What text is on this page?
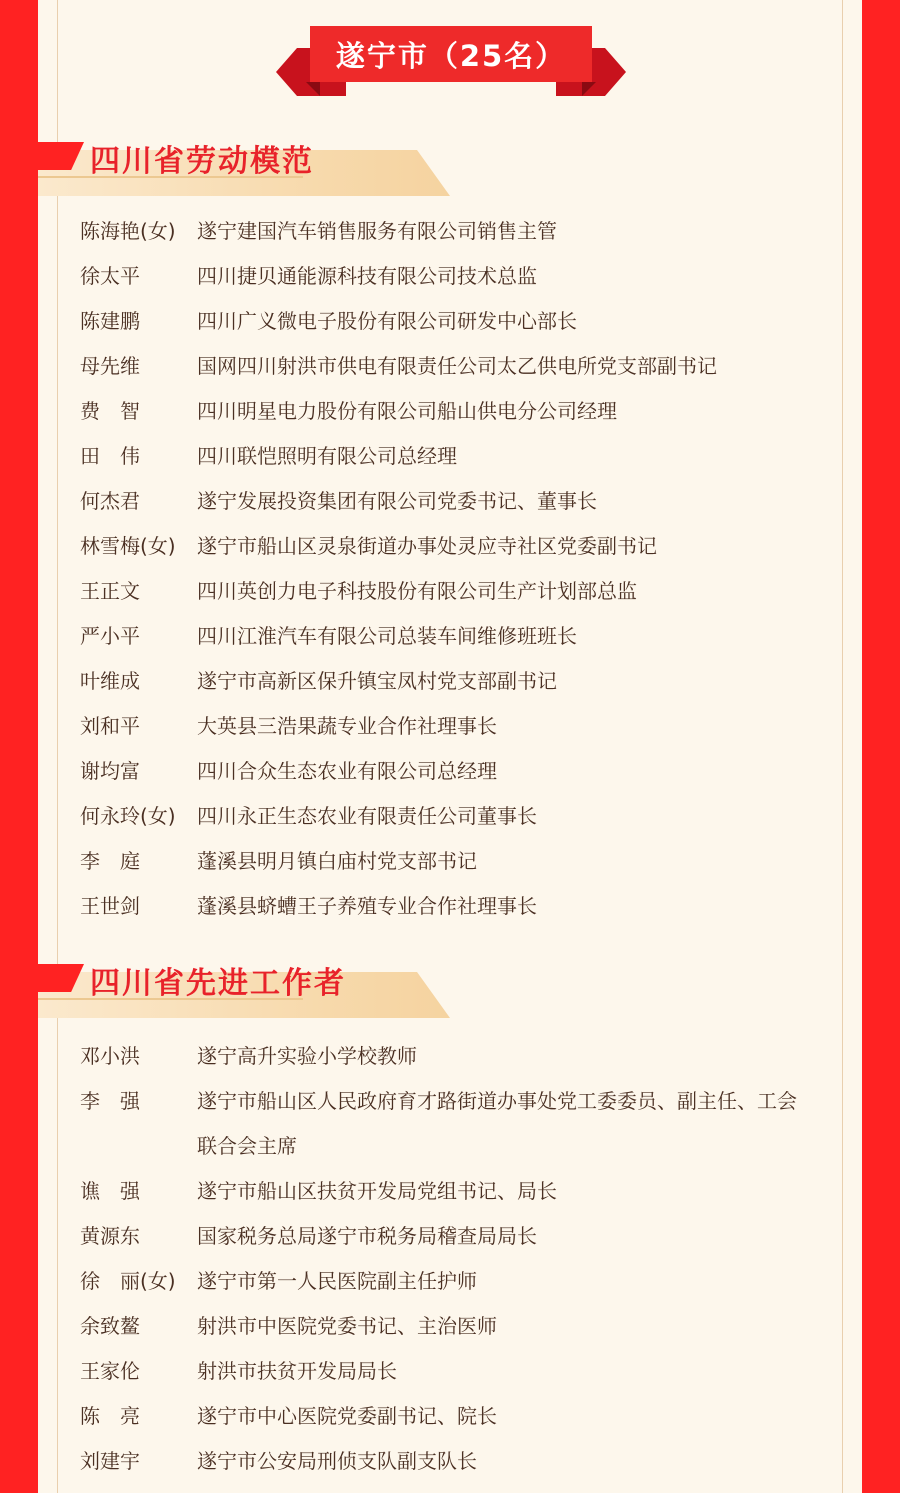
遂宁市（25名）
四川省劳动模范
陈海艳(女)	遂宁建国汽车销售服务有限公司销售主管
徐太平	四川捷贝通能源科技有限公司技术总监
陈建鹏	四川广义微电子股份有限公司研发中心部长
母先维	国网四川射洪市供电有限责任公司太乙供电所党支部副书记
费　智	四川明星电力股份有限公司船山供电分公司经理
田　伟	四川联恺照明有限公司总经理
何杰君	遂宁发展投资集团有限公司党委书记、董事长
林雪梅(女)	遂宁市船山区灵泉街道办事处灵应寺社区党委副书记
王正文	四川英创力电子科技股份有限公司生产计划部总监
严小平	四川江淮汽车有限公司总装车间维修班班长
叶维成	遂宁市高新区保升镇宝凤村党支部副书记
刘和平	大英县三浩果蔬专业合作社理事长
谢均富	四川合众生态农业有限公司总经理
何永玲(女)	四川永正生态农业有限责任公司董事长
李　庭	蓬溪县明月镇白庙村党支部书记
王世剑	蓬溪县蛴螬王子养殖专业合作社理事长
四川省先进工作者
邓小洪	遂宁高升实验小学校教师
李　强	遂宁市船山区人民政府育才路街道办事处党工委委员、副主任、工会联合会主席
谯　强	遂宁市船山区扶贫开发局党组书记、局长
黄源东	国家税务总局遂宁市税务局稽查局局长
徐　丽(女)	遂宁市第一人民医院副主任护师
余致鳌	射洪市中医院党委书记、主治医师
王家伦	射洪市扶贫开发局局长
陈　亮	遂宁市中心医院党委副书记、院长
刘建宇	遂宁市公安局刑侦支队副支队长
